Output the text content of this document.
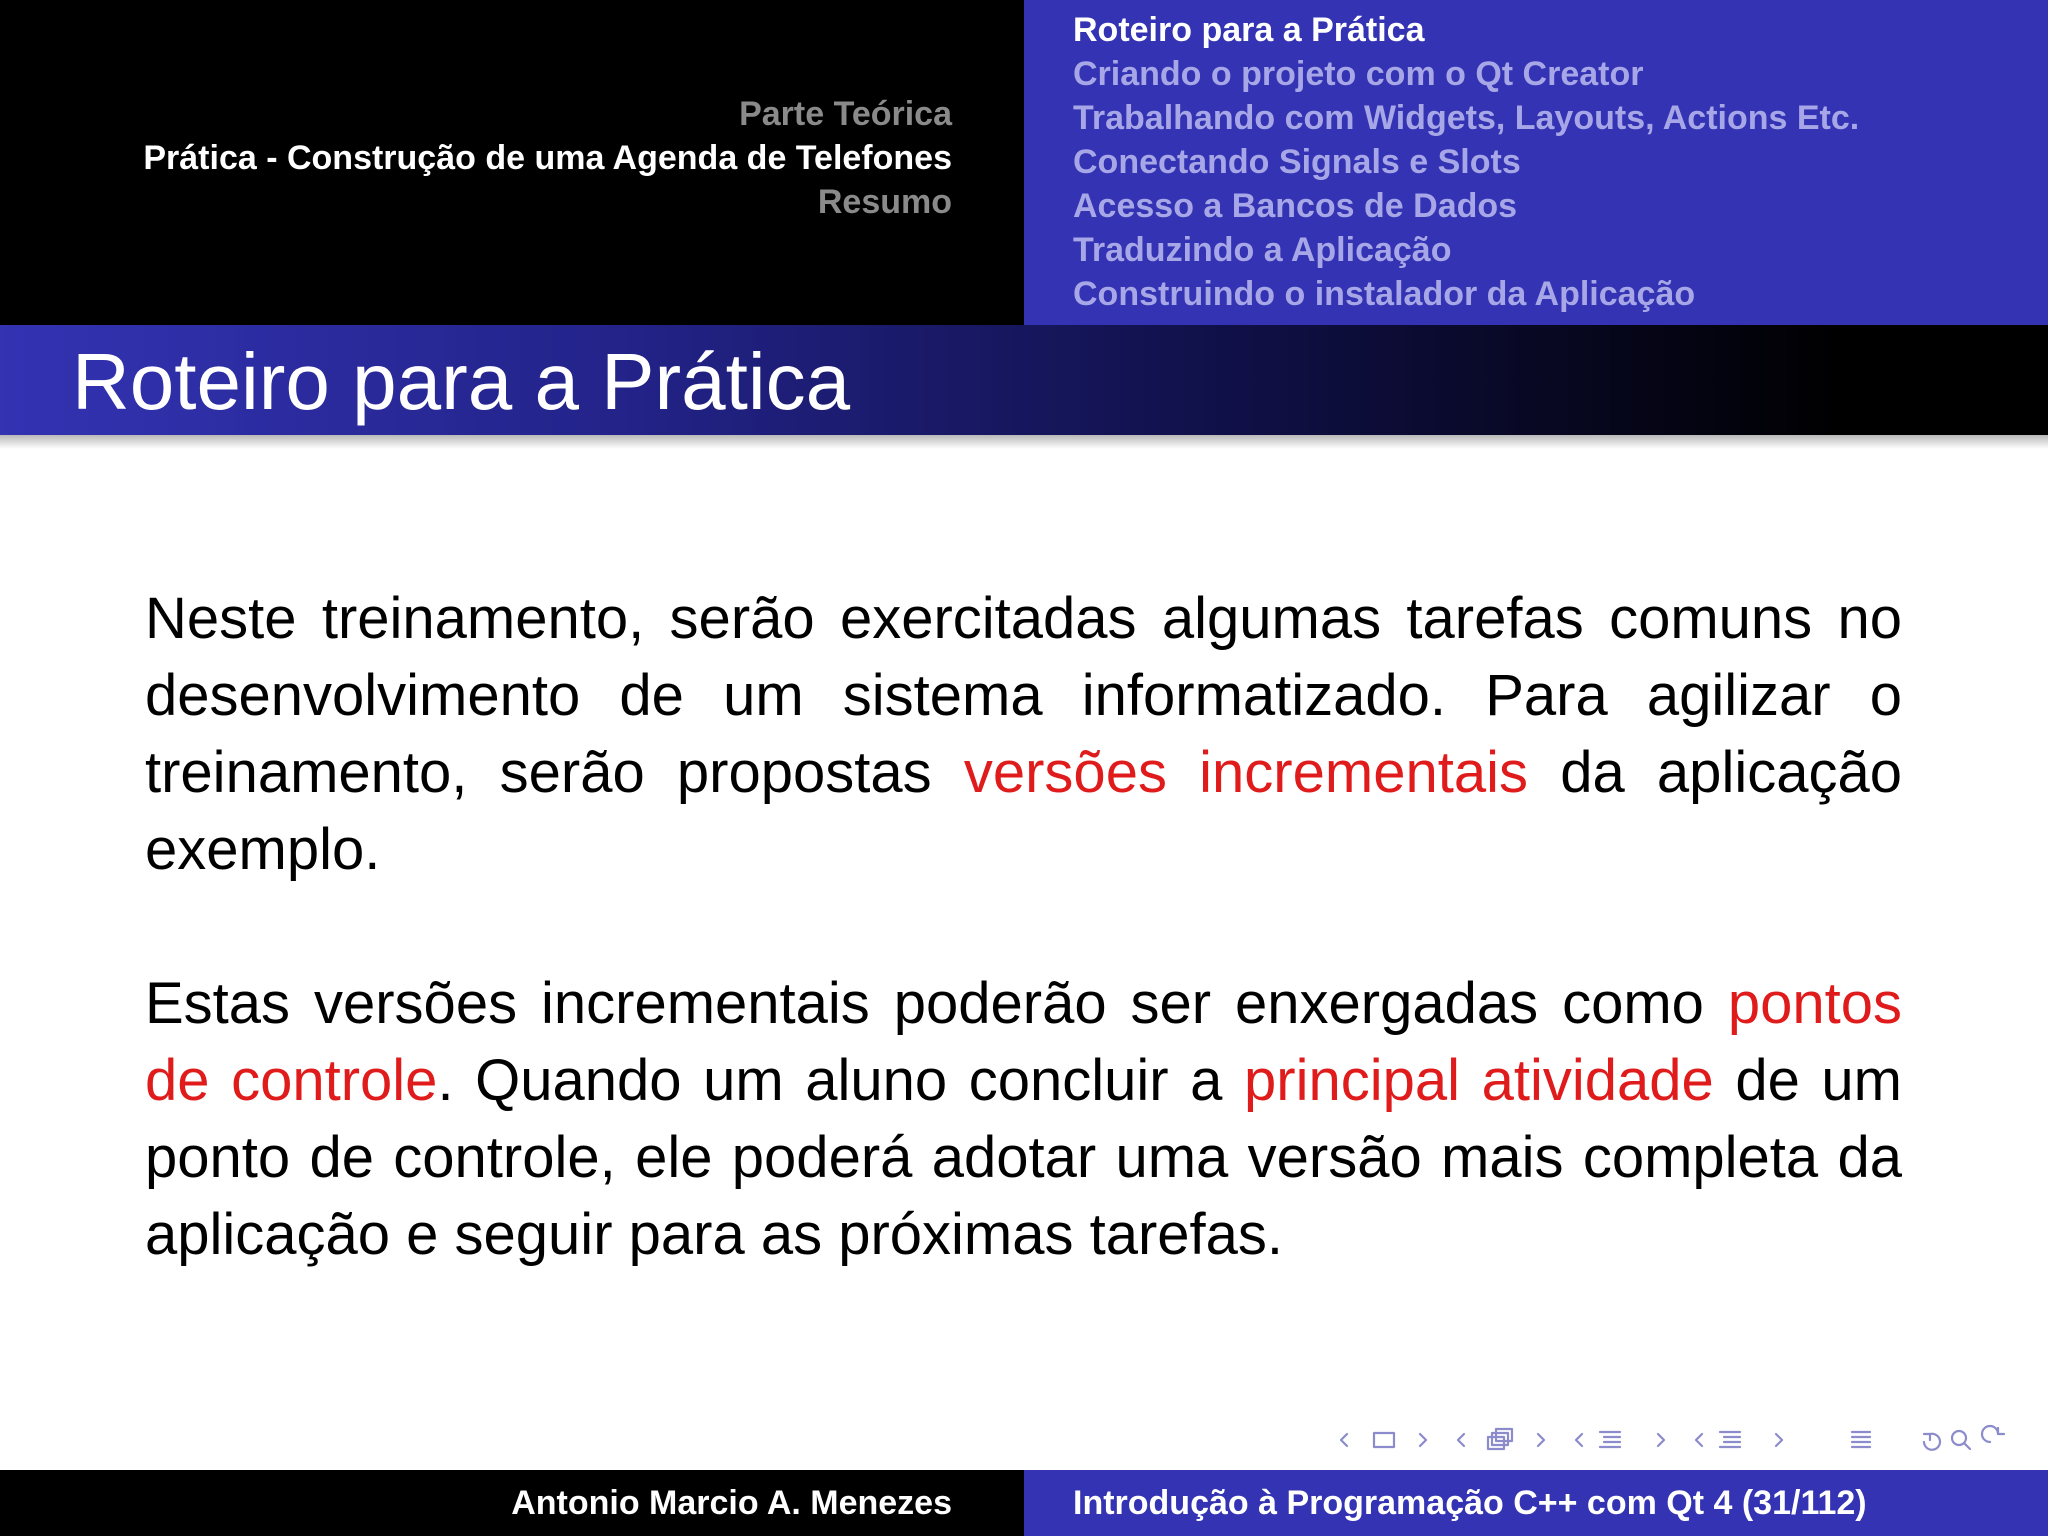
Parte Teórica
Prática - Construção de uma Agenda de Telefones
Resumo
Roteiro para a Prática
Criando o projeto com o Qt Creator
Trabalhando com Widgets, Layouts, Actions Etc.
Conectando Signals e Slots
Acesso a Bancos de Dados
Traduzindo a Aplicação
Construindo o instalador da Aplicação
Roteiro para a Prática

Neste treinamento, serão exercitadas algumas tarefas comuns no desenvolvimento de um sistema informatizado. Para agilizar o treinamento, serão propostas versões incrementais da aplicação exemplo.

Estas versões incrementais poderão ser enxergadas como pontos de controle. Quando um aluno concluir a principal atividade de um ponto de controle, ele poderá adotar uma versão mais completa da aplicação e seguir para as próximas tarefas.

Antonio Marcio A. Menezes	Introdução à Programação C++ com Qt 4 (31/112)
